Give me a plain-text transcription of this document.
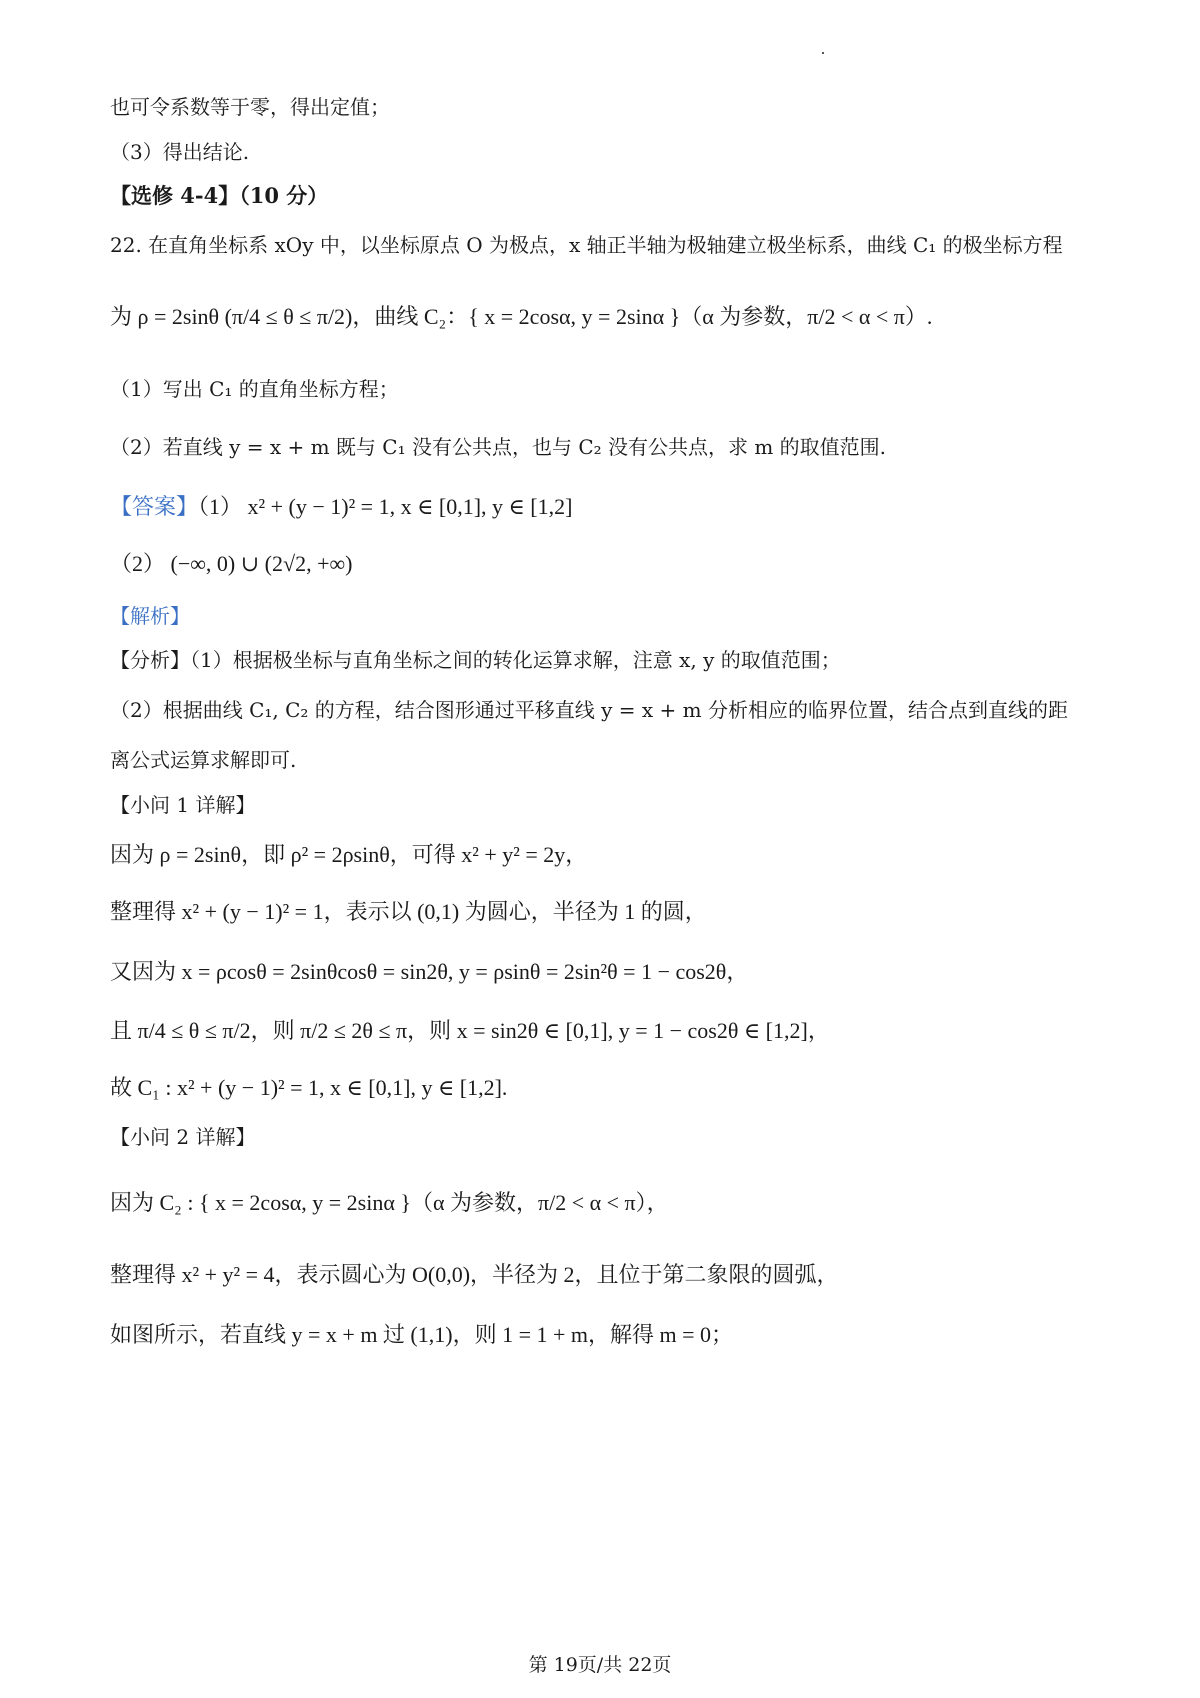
也可令系数等于零，得出定值；
（3）得出结论.
【选修 4-4】（10 分）
22. 在直角坐标系 xOy 中，以坐标原点 O 为极点，x 轴正半轴为极轴建立极坐标系，曲线 C₁ 的极坐标方程
为 ρ = 2sinθ (π/4 ≤ θ ≤ π/2)，曲线 C₂：{ x = 2cosα, y = 2sinα }（α 为参数，π/2 < α < π）.
（1）写出 C₁ 的直角坐标方程；
（2）若直线 y = x + m 既与 C₁ 没有公共点，也与 C₂ 没有公共点，求 m 的取值范围.
【答案】（1） x² + (y − 1)² = 1, x ∈ [0,1], y ∈ [1,2]
（2） (−∞, 0) ∪ (2√2, +∞)
【解析】
【分析】（1）根据极坐标与直角坐标之间的转化运算求解，注意 x, y 的取值范围；
（2）根据曲线 C₁, C₂ 的方程，结合图形通过平移直线 y = x + m 分析相应的临界位置，结合点到直线的距
离公式运算求解即可.
【小问 1 详解】
因为 ρ = 2sinθ，即 ρ² = 2ρsinθ，可得 x² + y² = 2y，
整理得 x² + (y − 1)² = 1，表示以 (0,1) 为圆心，半径为 1 的圆，
又因为 x = ρcosθ = 2sinθcosθ = sin2θ, y = ρsinθ = 2sin²θ = 1 − cos2θ，
且 π/4 ≤ θ ≤ π/2，则 π/2 ≤ 2θ ≤ π，则 x = sin2θ ∈ [0,1], y = 1 − cos2θ ∈ [1,2]，
故 C₁ : x² + (y − 1)² = 1, x ∈ [0,1], y ∈ [1,2].
【小问 2 详解】
因为 C₂ : { x = 2cosα, y = 2sinα }（α 为参数，π/2 < α < π），
整理得 x² + y² = 4，表示圆心为 O(0,0)，半径为 2，且位于第二象限的圆弧，
如图所示，若直线 y = x + m 过 (1,1)，则 1 = 1 + m，解得 m = 0；
第 19页/共 22页
